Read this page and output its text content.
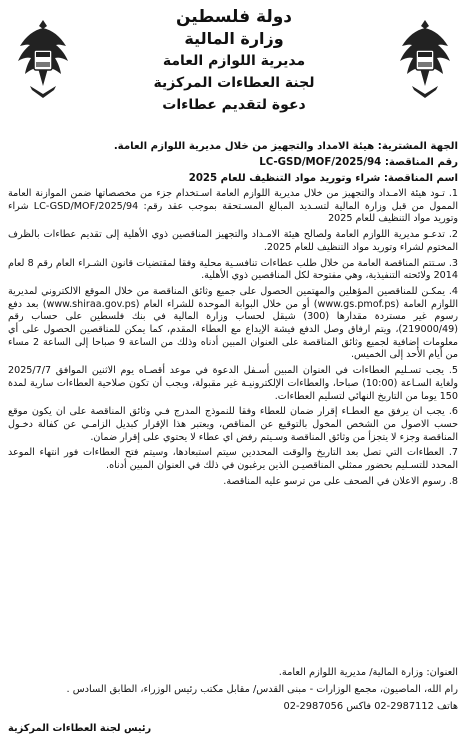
دولة فلسطين
وزارة المالية
مديرية اللوازم العامة
لجنة العطاءات المركزية
دعوة لتقديم عطاءات
الجهة المشترية: هيئة الامداد والتجهيز من خلال مديرية اللوازم العامة.
رقم المناقصة: LC-GSD/MOF/2025/94
اسم المناقصة: شراء وتوريد مواد التنظيف للعام 2025

1. تـود هيئة الامـداد والتجهيز من خلال مديرية اللوازم العامة اسـتخدام جزء من مخصصاتها ضمن الموازنة العامة الممول من قبل وزارة المالية لتسـديد المبالغ المسـتحقة بموجب عقد رقم: LC-GSD/MOF/2025/94 شراء وتوريد مواد التنظيف للعام 2025

2. تدعـو مديرية اللوازم العامة ولصالح هيئة الامـداد والتجهيز المناقصين ذوي الأهلية إلى تقديم عطاءات بالظرف المختوم لشراء وتوريد مواد التنظيف للعام 2025.

3. سـتتم المناقصة العامة من خلال طلب عطاءات تنافسـية محلية وفقا لمقتضيات قانون الشـراء العام رقم 8 لعام 2014 ولائحته التنفيذية، وهي مفتوحة لكل المناقصين ذوي الأهلية.

4. يمكـن للمناقصين المؤهلين والمهتمين الحصول على جميع وثائق المناقصة من خلال الموقع الالكتروني لمديرية اللوازم العامة (www.gs.pmof.ps) أو من خلال البوابة الموحدة للشراء العام (www.shiraa.gov.ps) بعد دفع رسوم غير مستردة مقدارها (300) شيقل لحساب وزارة المالية في بنك فلسطين على حساب رقم (219000/49)، ويتم ارفاق وصل الدفع فيشة الإيداع مع العطاء المقدم، كما يمكن للمناقصين الحصول على أي معلومات إضافية لجميع وثائق المناقصة على العنوان المبين أدناه وذلك من الساعة 9 صباحا إلى الساعة 2 مساء من أيام الأحد إلى الخميس.

5. يجب تسـليم العطاءات في العنوان المبين أسـفل الدعوة في موعد أقصـاه يوم الاثنين الموافق 2025/7/7 ولغاية السـاعة (10:00) صباحا، والعطاءات الإلكترونيـة غير مقبولة، ويجب أن تكون صلاحية العطاءات سارية لمدة 150 يوما من التاريخ النهائي لتسليم العطاءات.

6. يجب ان يرفق مع العطـاء إقرار ضمان للعطاء وفقا للنموذج المدرج فـي وثائق المناقصة على ان يكون موقع حسب الاصول من الشخص المخول بالتوقيع عن المناقص، ويعتبر هذا الإقرار كبديل الزامـي عن كفالة دخـول المناقصة وجزء لا يتجزأ من وثائق المناقصة وسـيتم رفض اي عطاء لا يحتوي على إقرار ضمان.

7. العطاءات التي تصل بعد التاريخ والوقت المحددين سيتم استبعادها، وسيتم فتح العطاءات فور انتهاء الموعد المحدد للتسـليم بحضور ممثلي المناقصيـن الذين يرغبون في ذلك في العنوان المبين أدناه.

8. رسوم الاعلان في الصحف على من ترسو عليه المناقصة.

العنوان: وزارة المالية/ مديرية اللوازم العامة.
رام الله، الماصيون، مجمع الوزارات - مبنى القدس/ مقابل مكتب رئيس الوزراء، الطابق السادس .
هاتف 2987112-02 فاكس 2987056-02
رئيس لجنة العطاءات المركزية
